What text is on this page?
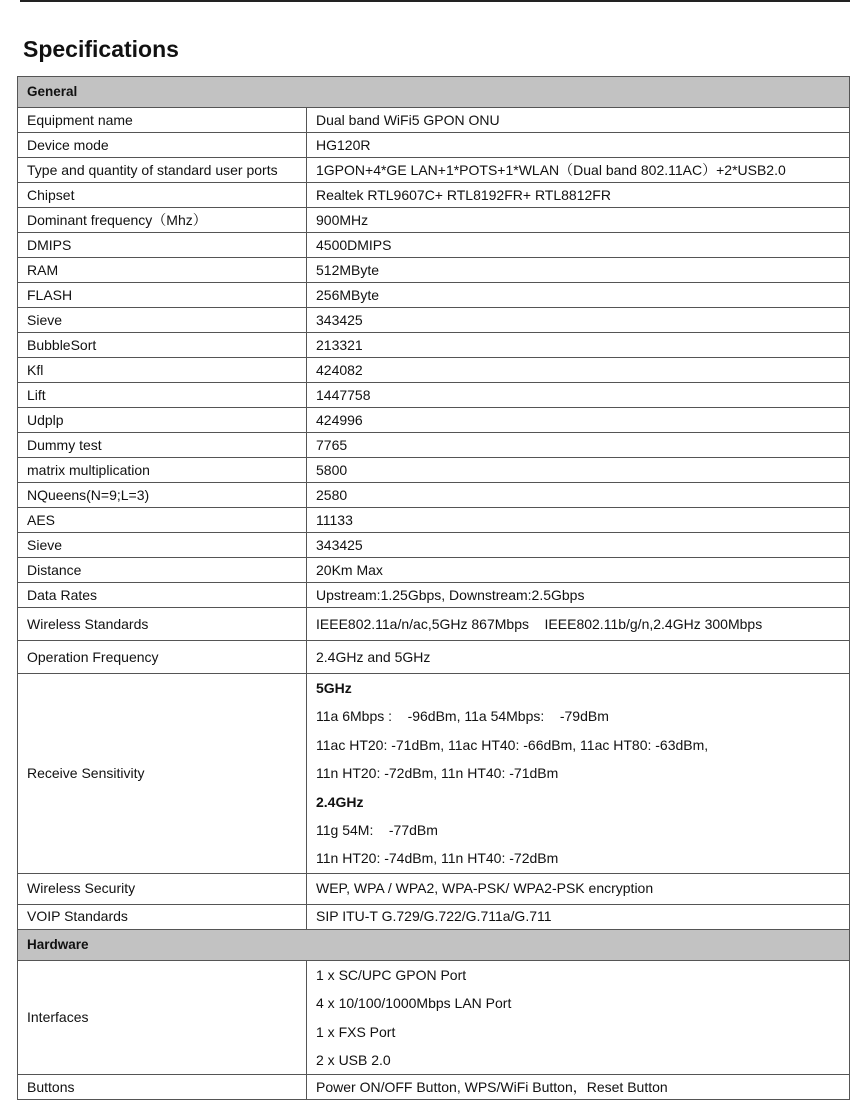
Specifications
General	
Equipment name	Dual band WiFi5 GPON ONU
Device mode	HG120R
Type and quantity of standard user ports	1GPON+4*GE LAN+1*POTS+1*WLAN（Dual band 802.11AC）+2*USB2.0
Chipset	Realtek RTL9607C+ RTL8192FR+ RTL8812FR
Dominant frequency（Mhz）	900MHz
DMIPS	4500DMIPS
RAM	512MByte
FLASH	256MByte
Sieve	343425
BubbleSort	213321
Kfl	424082
Lift	1447758
Udplp	424996
Dummy test	7765
matrix multiplication	5800
NQueens(N=9;L=3)	2580
AES	11133
Sieve	343425
Distance	20Km Max
Data Rates	Upstream:1.25Gbps, Downstream:2.5Gbps
Wireless Standards	IEEE802.11a/n/ac,5GHz 867Mbps    IEEE802.11b/g/n,2.4GHz 300Mbps
Operation Frequency	2.4GHz and 5GHz
Receive Sensitivity	
5GHz
11a 6Mbps :    -96dBm, 11a 54Mbps:    -79dBm
11ac HT20: -71dBm, 11ac HT40: -66dBm, 11ac HT80: -63dBm,
11n HT20: -72dBm, 11n HT40: -71dBm
2.4GHz
11g 54M:    -77dBm
11n HT20: -74dBm, 11n HT40: -72dBm

Wireless Security	WEP, WPA / WPA2, WPA-PSK/ WPA2-PSK encryption
VOIP Standards	SIP ITU-T G.729/G.722/G.711a/G.711
Hardware	
Interfaces	1 x SC/UPC GPON Port
4 x 10/100/1000Mbps LAN Port
1 x FXS Port
2 x USB 2.0

Buttons	Power ON/OFF Button, WPS/WiFi Button，Reset Button
